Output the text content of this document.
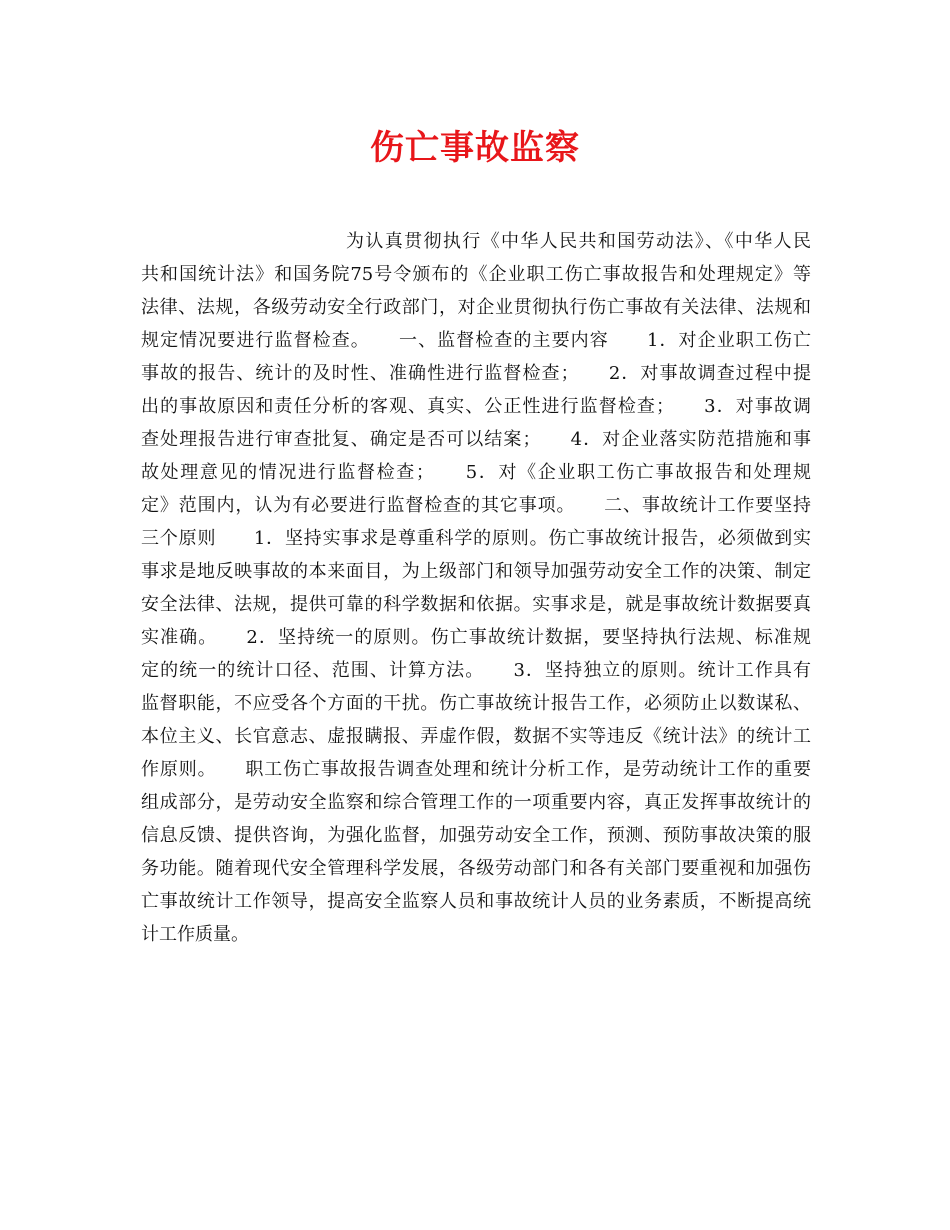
伤亡事故监察
为认真贯彻执行《中华人民共和国劳动法》、《中华人民
共和国统计法》和国务院75号令颁布的《企业职工伤亡事故报告和处理规定》等
法律、法规，各级劳动安全行政部门，对企业贯彻执行伤亡事故有关法律、法规和
规定情况要进行监督检查。　　一、监督检查的主要内容　　1．对企业职工伤亡
事故的报告、统计的及时性、准确性进行监督检查；　　2．对事故调查过程中提
出的事故原因和责任分析的客观、真实、公正性进行监督检查；　　3．对事故调
查处理报告进行审查批复、确定是否可以结案；　　4．对企业落实防范措施和事
故处理意见的情况进行监督检查；　　5．对《企业职工伤亡事故报告和处理规
定》范围内，认为有必要进行监督检查的其它事项。　　二、事故统计工作要坚持
三个原则　　1．坚持实事求是尊重科学的原则。伤亡事故统计报告，必须做到实
事求是地反映事故的本来面目，为上级部门和领导加强劳动安全工作的决策、制定
安全法律、法规，提供可靠的科学数据和依据。实事求是，就是事故统计数据要真
实准确。　　2．坚持统一的原则。伤亡事故统计数据，要坚持执行法规、标准规
定的统一的统计口径、范围、计算方法。　　3．坚持独立的原则。统计工作具有
监督职能，不应受各个方面的干扰。伤亡事故统计报告工作，必须防止以数谋私、
本位主义、长官意志、虚报瞒报、弄虚作假，数据不实等违反《统计法》的统计工
作原则。　　职工伤亡事故报告调查处理和统计分析工作，是劳动统计工作的重要
组成部分，是劳动安全监察和综合管理工作的一项重要内容，真正发挥事故统计的
信息反馈、提供咨询，为强化监督，加强劳动安全工作，预测、预防事故决策的服
务功能。随着现代安全管理科学发展，各级劳动部门和各有关部门要重视和加强伤
亡事故统计工作领导，提高安全监察人员和事故统计人员的业务素质，不断提高统
计工作质量。
